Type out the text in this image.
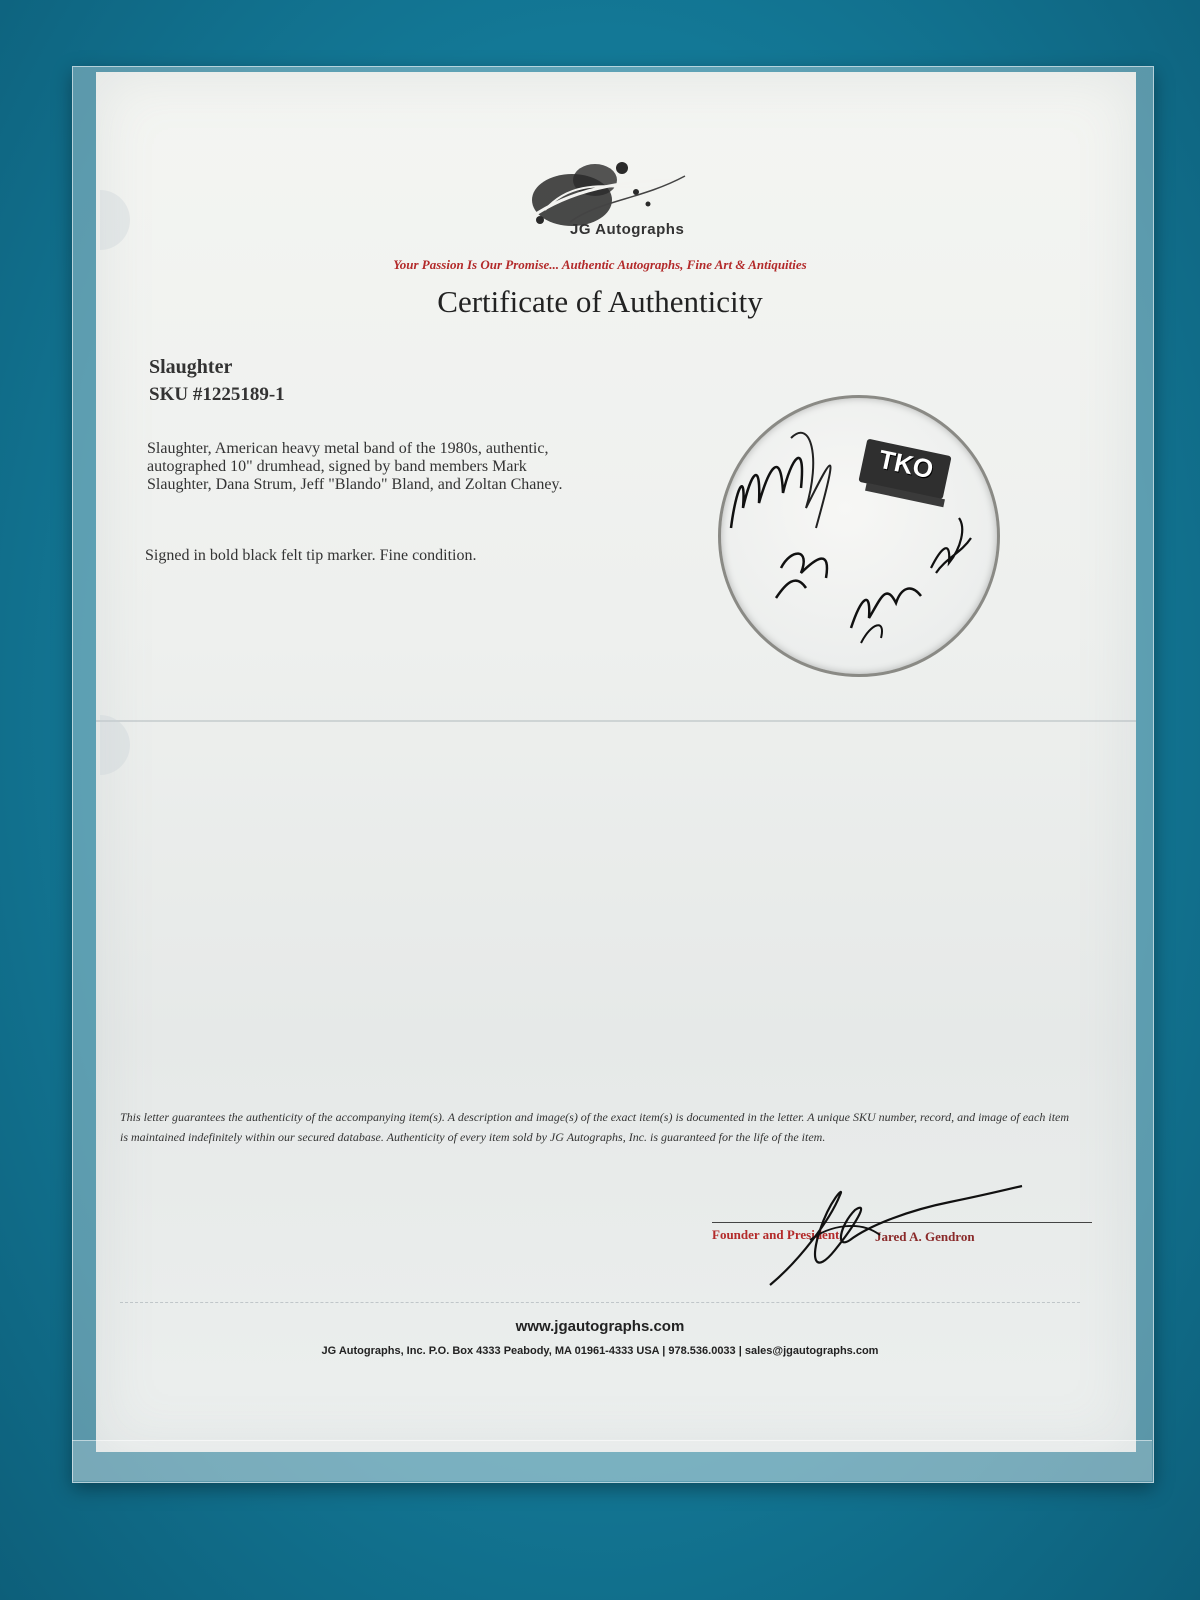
JG Autographs
Your Passion Is Our Promise... Authentic Autographs, Fine Art & Antiquities
Certificate of Authenticity
Slaughter
SKU #1225189-1
Slaughter, American heavy metal band of the 1980s, authentic, autographed 10" drumhead, signed by band members Mark Slaughter, Dana Strum, Jeff "Blando" Bland, and Zoltan Chaney.
Signed in bold black felt tip marker. Fine condition.
TKO
This letter guarantees the authenticity of the accompanying item(s). A description and image(s) of the exact item(s) is documented in the letter. A unique SKU number, record, and image of each item is maintained indefinitely within our secured database. Authenticity of every item sold by JG Autographs, Inc. is guaranteed for the life of the item.
Founder and President, Jared A. Gendron
www.jgautographs.com
JG Autographs, Inc. P.O. Box 4333 Peabody, MA 01961-4333 USA | 978.536.0033 | sales@jgautographs.com
